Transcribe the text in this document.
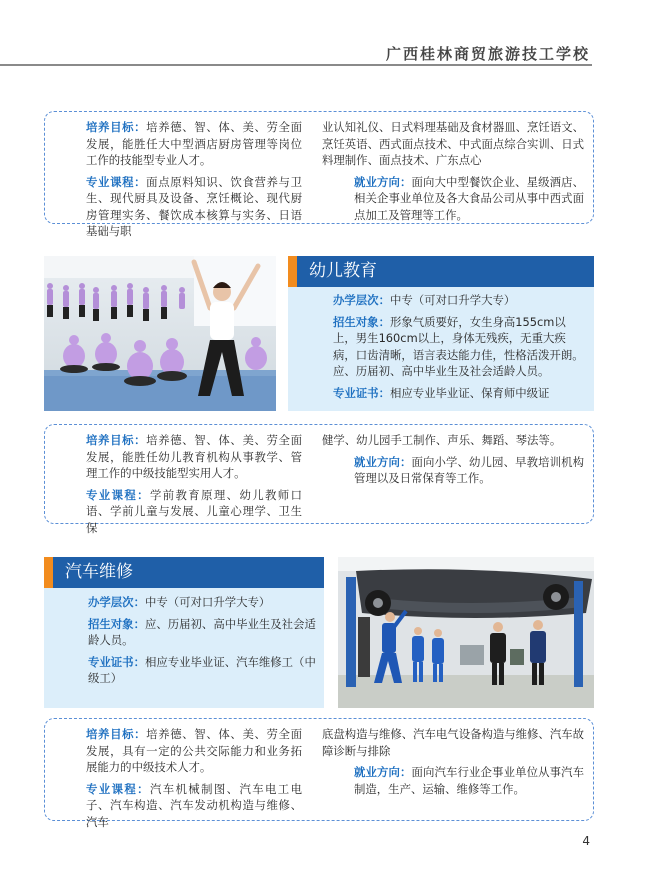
广西桂林商贸旅游技工学校

培养目标：培养德、智、体、美、劳全面发展，能胜任大中型酒店厨房管理等岗位工作的技能型专业人才。

专业课程：面点原料知识、饮食营养与卫生、现代厨具及设备、烹饪概论、现代厨房管理实务、餐饮成本核算与实务、日语基础与职

业认知礼仪、日式料理基础及食材器皿、烹饪语文、烹饪英语、西式面点技术、中式面点综合实训、日式料理制作、面点技术、广东点心

就业方向：面向大中型餐饮企业、星级酒店、相关企事业单位及各大食品公司从事中西式面点加工及管理等工作。

幼儿教育

办学层次：中专（可对口升学大专）

招生对象：形象气质要好，女生身高155cm以上，男生160cm以上，身体无残疾，无重大疾病，口齿清晰，语言表达能力佳，性格活泼开朗。应、历届初、高中毕业生及社会适龄人员。

专业证书：相应专业毕业证、保育师中级证

培养目标：培养德、智、体、美、劳全面发展，能胜任幼儿教育机构从事教学、管理工作的中级技能型实用人才。

专业课程：学前教育原理、幼儿教师口语、学前儿童与发展、儿童心理学、卫生保

健学、幼儿园手工制作、声乐、舞蹈、琴法等。

就业方向：面向小学、幼儿园、早教培训机构管理以及日常保育等工作。

汽车维修

办学层次：中专（可对口升学大专）

招生对象：应、历届初、高中毕业生及社会适龄人员。

专业证书：相应专业毕业证、汽车维修工（中级工）

培养目标：培养德、智、体、美、劳全面发展，具有一定的公共交际能力和业务拓展能力的中级技术人才。

专业课程：汽车机械制图、汽车电工电子、汽车构造、汽车发动机构造与维修、汽车

底盘构造与维修、汽车电气设备构造与维修、汽车故障诊断与排除

就业方向：面向汽车行业企事业单位从事汽车制造，生产、运输、维修等工作。

4
